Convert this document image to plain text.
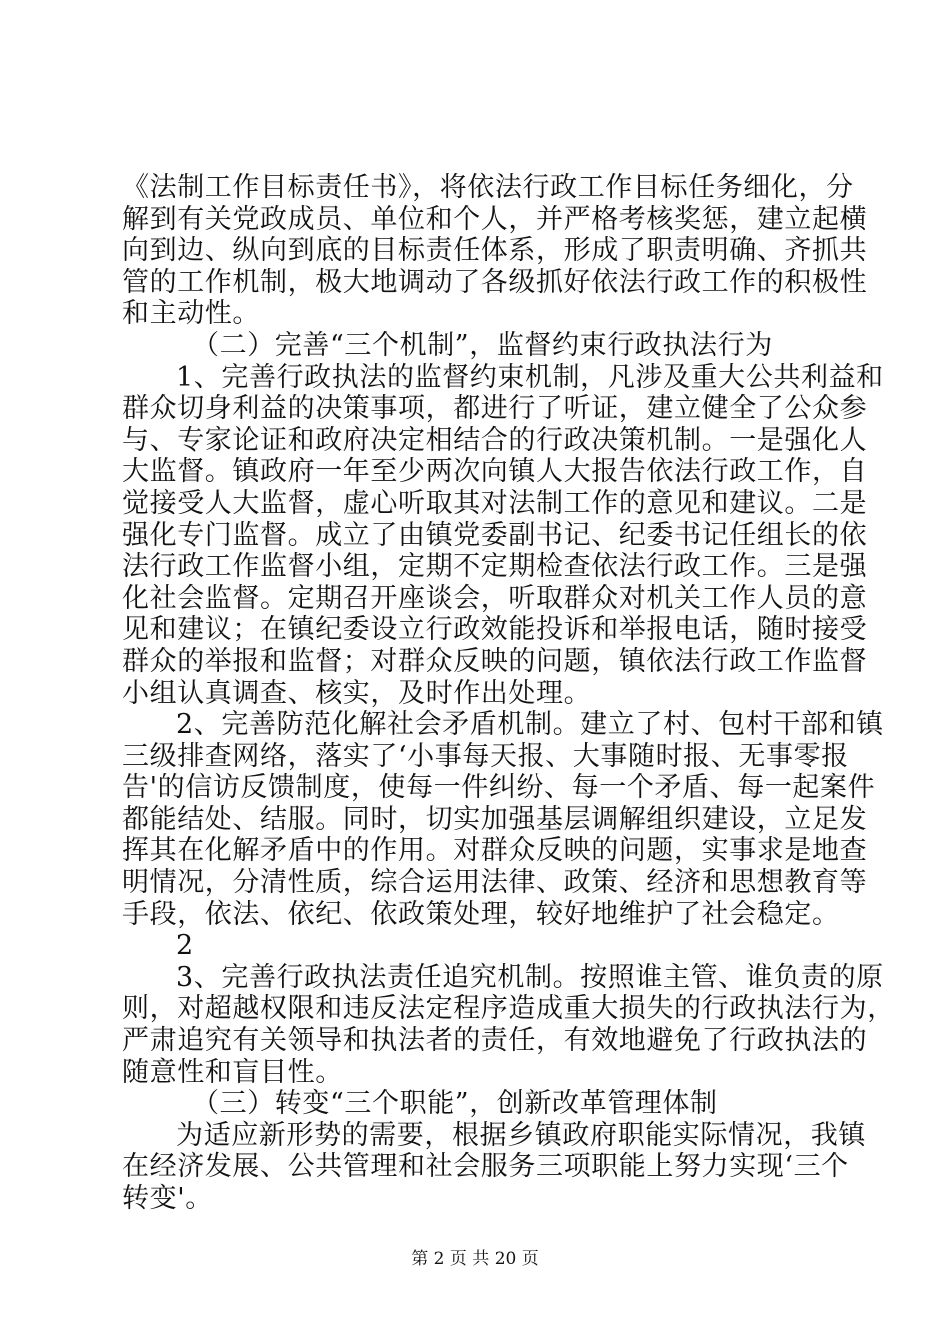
《法制工作目标责任书》，将依法行政工作目标任务细化，分
解到有关党政成员、单位和个人，并严格考核奖惩，建立起横
向到边、纵向到底的目标责任体系，形成了职责明确、齐抓共
管的工作机制，极大地调动了各级抓好依法行政工作的积极性
和主动性。
（二）完善“三个机制”，监督约束行政执法行为
1、完善行政执法的监督约束机制，凡涉及重大公共利益和
群众切身利益的决策事项，都进行了听证，建立健全了公众参
与、专家论证和政府决定相结合的行政决策机制。一是强化人
大监督。镇政府一年至少两次向镇人大报告依法行政工作，自
觉接受人大监督，虚心听取其对法制工作的意见和建议。二是
强化专门监督。成立了由镇党委副书记、纪委书记任组长的依
法行政工作监督小组，定期不定期检查依法行政工作。三是强
化社会监督。定期召开座谈会，听取群众对机关工作人员的意
见和建议；在镇纪委设立行政效能投诉和举报电话，随时接受
群众的举报和监督；对群众反映的问题，镇依法行政工作监督
小组认真调查、核实，及时作出处理。
2、完善防范化解社会矛盾机制。建立了村、包村干部和镇
三级排查网络，落实了‘小事每天报、大事随时报、无事零报
告'的信访反馈制度，使每一件纠纷、每一个矛盾、每一起案件
都能结处、结服。同时，切实加强基层调解组织建设，立足发
挥其在化解矛盾中的作用。对群众反映的问题，实事求是地查
明情况，分清性质，综合运用法律、政策、经济和思想教育等
手段，依法、依纪、依政策处理，较好地维护了社会稳定。
2
3、完善行政执法责任追究机制。按照谁主管、谁负责的原
则，对超越权限和违反法定程序造成重大损失的行政执法行为，
严肃追究有关领导和执法者的责任，有效地避免了行政执法的
随意性和盲目性。
（三）转变“三个职能”，创新改革管理体制
为适应新形势的需要，根据乡镇政府职能实际情况，我镇
在经济发展、公共管理和社会服务三项职能上努力实现‘三个
转变'。
第 2 页 共 20 页
